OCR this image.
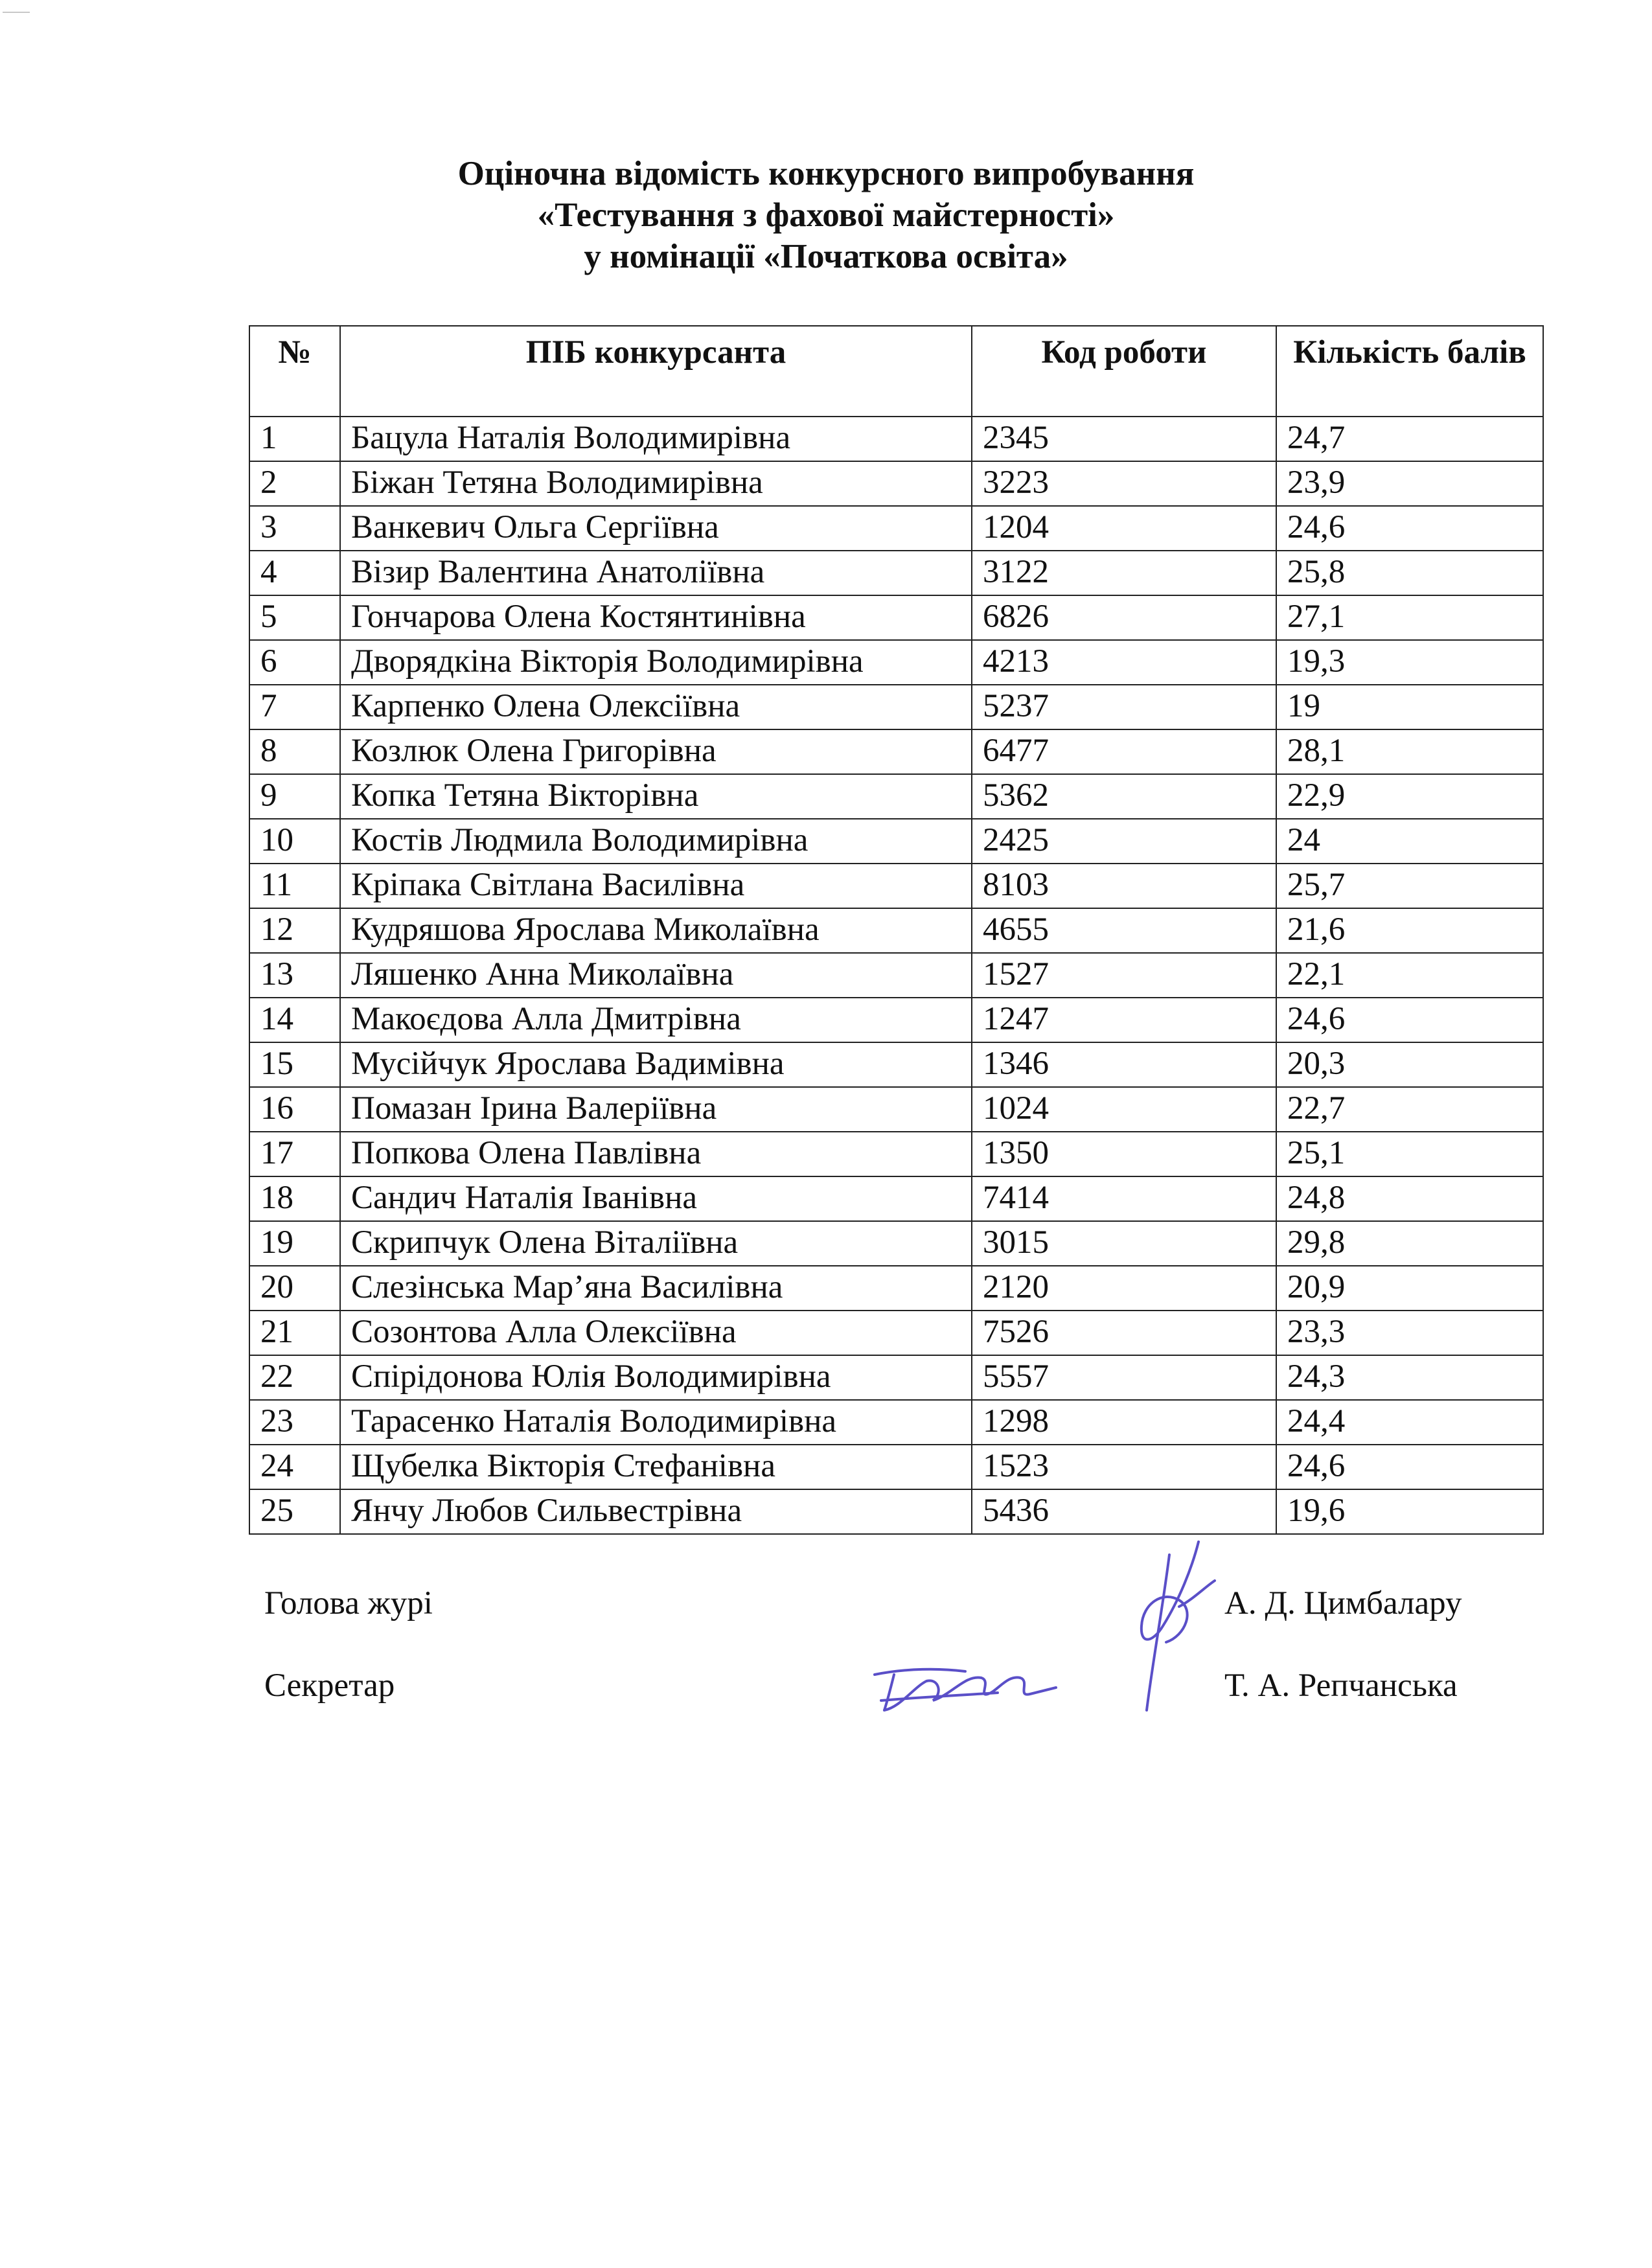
Оціночна відомість конкурсного випробування
«Тестування з фахової майстерності»
у номінації «Початкова освіта»
№	ПІБ конкурсанта	Код роботи	Кількість балів
1	Бацула Наталія Володимирівна	2345	24,7
2	Біжан Тетяна Володимирівна	3223	23,9
3	Ванкевич Ольга Сергіївна	1204	24,6
4	Візир Валентина Анатоліївна	3122	25,8
5	Гончарова Олена Костянтинівна	6826	27,1
6	Дворядкіна Вікторія Володимирівна	4213	19,3
7	Карпенко Олена Олексіївна	5237	19
8	Козлюк Олена Григорівна	6477	28,1
9	Копка Тетяна Вікторівна	5362	22,9
10	Костів Людмила Володимирівна	2425	24
11	Кріпака Світлана Василівна	8103	25,7
12	Кудряшова Ярослава Миколаївна	4655	21,6
13	Ляшенко Анна Миколаївна	1527	22,1
14	Макоєдова Алла Дмитрівна	1247	24,6
15	Мусійчук Ярослава Вадимівна	1346	20,3
16	Помазан Ірина Валеріївна	1024	22,7
17	Попкова Олена Павлівна	1350	25,1
18	Сандич Наталія Іванівна	7414	24,8
19	Скрипчук Олена Віталіївна	3015	29,8
20	Слезінська Мар’яна Василівна	2120	20,9
21	Созонтова Алла Олексіївна	7526	23,3
22	Спірідонова Юлія Володимирівна	5557	24,3
23	Тарасенко Наталія Володимирівна	1298	24,4
24	Щубелка Вікторія Стефанівна	1523	24,6
25	Янчу Любов Сильвестрівна	5436	19,6
Голова журі	А. Д. Цимбалару
Секретар	Т. А. Репчанська
